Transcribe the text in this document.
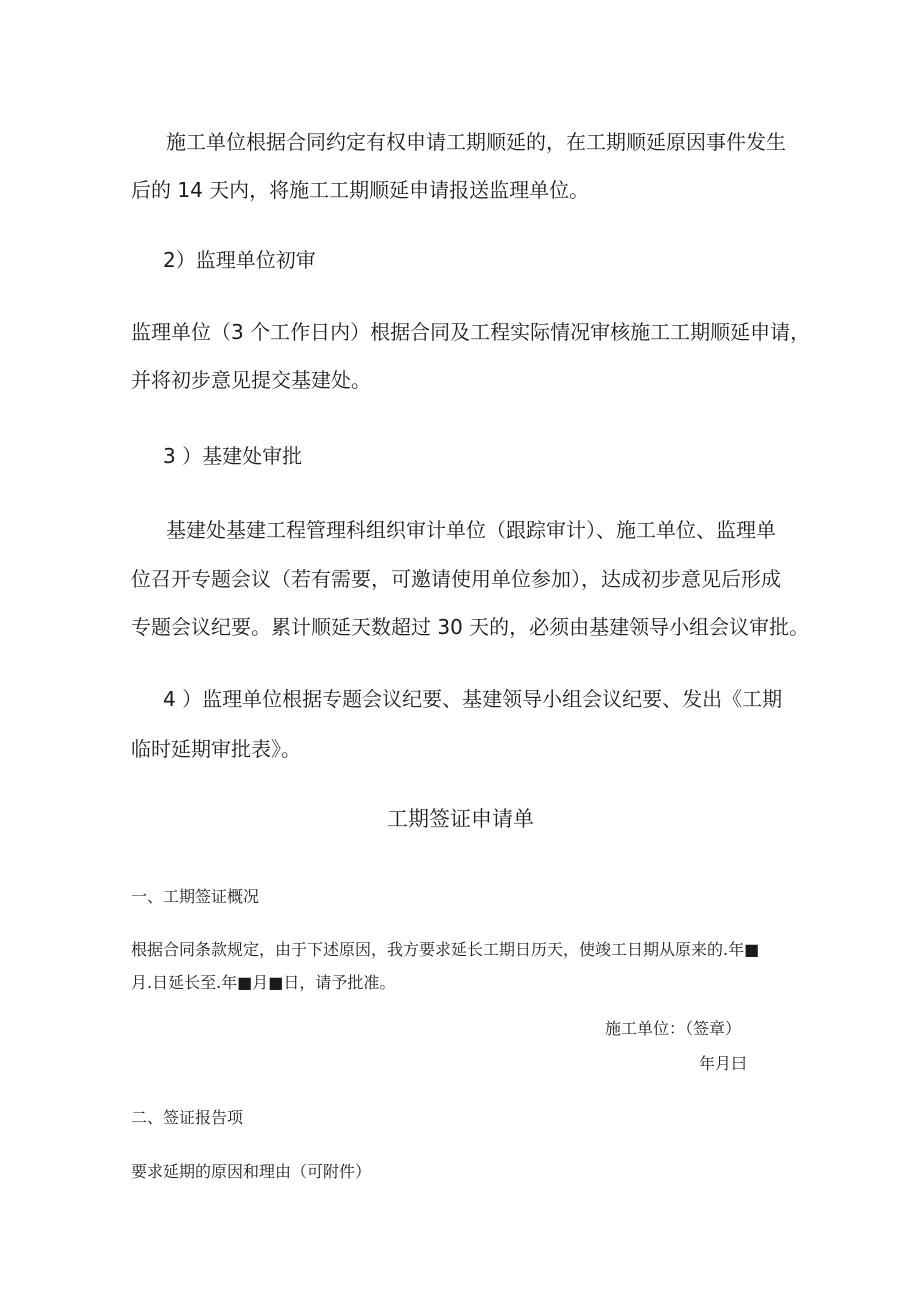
施工单位根据合同约定有权申请工期顺延的，在工期顺延原因事件发生
后的 14 天内，将施工工期顺延申请报送监理单位。
2）监理单位初审
监理单位（3 个工作日内）根据合同及工程实际情况审核施工工期顺延申请，
并将初步意见提交基建处。
3 ）基建处审批
基建处基建工程管理科组织审计单位（跟踪审计）、施工单位、监理单
位召开专题会议（若有需要，可邀请使用单位参加），达成初步意见后形成
专题会议纪要。累计顺延天数超过 30 天的，必须由基建领导小组会议审批。
4 ）监理单位根据专题会议纪要、基建领导小组会议纪要、发出《工期
临时延期审批表》。
工期签证申请单
一、工期签证概况
根据合同条款规定，由于下述原因，我方要求延长工期日历天，使竣工日期从原来的.年■
月.日延长至.年■月■日，请予批准。
施工单位：（签章）
年月曰
二、签证报告项
要求延期的原因和理由（可附件）
